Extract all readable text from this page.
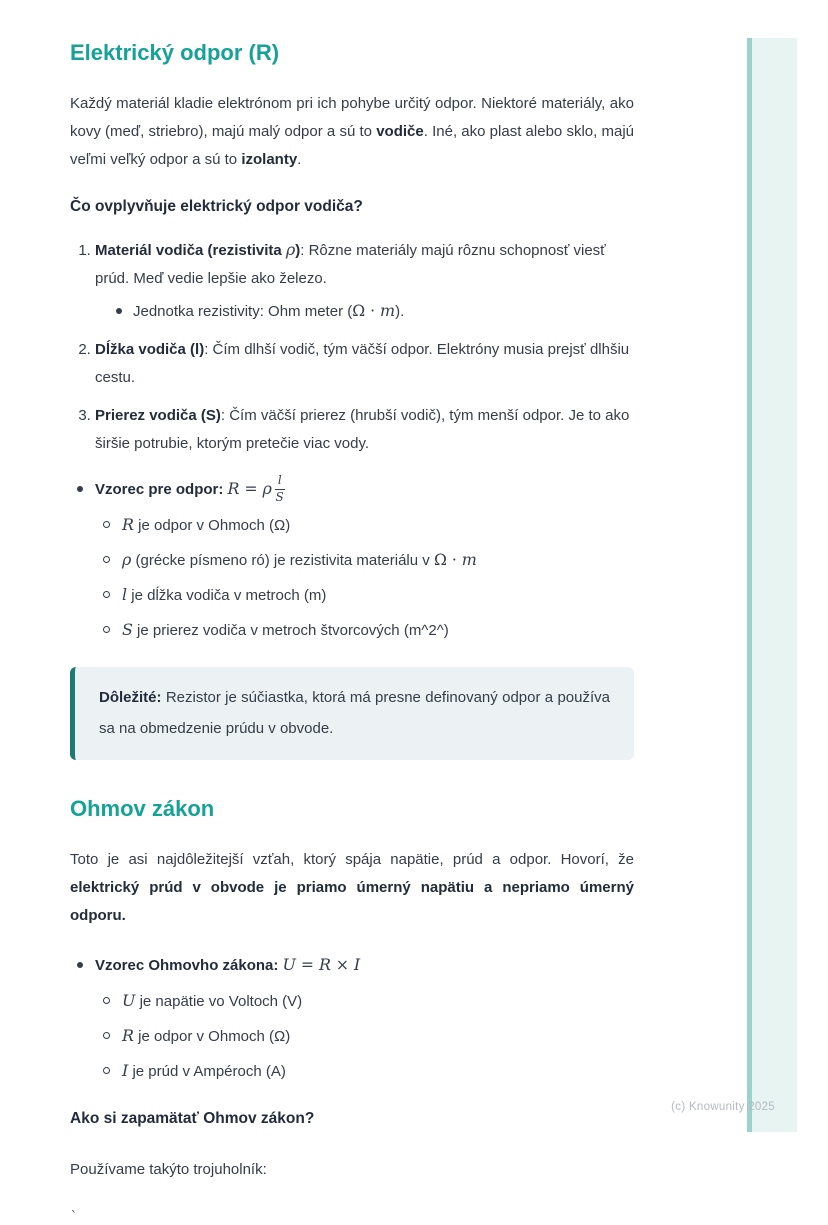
Elektrický odpor (R)

Každý materiál kladie elektrónom pri ich pohybe určitý odpor. Niektoré materiály, ako kovy (meď, striebro), majú malý odpor a sú to vodiče. Iné, ako plast alebo sklo, majú veľmi veľký odpor a sú to izolanty.

Čo ovplyvňuje elektrický odpor vodiča?

1. Materiál vodiča (rezistivita ρ): Rôzne materiály majú rôznu schopnosť viesť prúd. Meď vedie lepšie ako železo.
Jednotka rezistivity: Ohm meter (Ω · m).
2. Dĺžka vodiča (l): Čím dlhší vodič, tým väčší odpor. Elektróny musia prejsť dlhšiu cestu.
3. Prierez vodiča (S): Čím väčší prierez (hrubší vodič), tým menší odpor. Je to ako širšie potrubie, ktorým pretečie viac vody.
Vzorec pre odpor: R = ρ $\frac{l}{S}$
R je odpor v Ohmoch (Ω)
ρ (grécke písmeno ró) je rezistivita materiálu v Ω · m
l je dĺžka vodiča v metroch (m)
S je prierez vodiča v metroch štvorcových (m^2^)
Dôležité: Rezistor je súčiastka, ktorá má presne definovaný odpor a používa sa na obmedzenie prúdu v obvode.
Ohmov zákon

Toto je asi najdôležitejší vzťah, ktorý spája napätie, prúd a odpor. Hovorí, že elektrický prúd v obvode je priamo úmerný napätiu a nepriamo úmerný odporu.

Vzorec Ohmovho zákona: U = R × I
U je napätie vo Voltoch (V)
R je odpor v Ohmoch (Ω)
I je prúd v Ampéroch (A)

Ako si zapamätať Ohmov zákon?

Používame takýto trojuholník:

`
(c) Knowunity 2025
